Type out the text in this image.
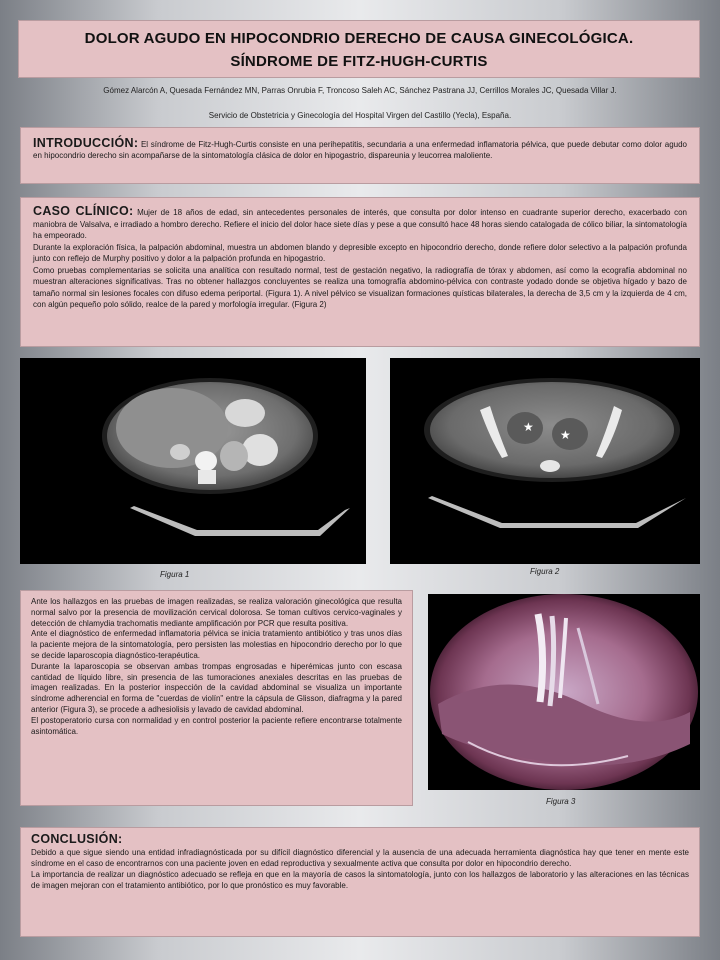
DOLOR AGUDO EN HIPOCONDRIO DERECHO DE CAUSA GINECOLÓGICA.
SÍNDROME DE FITZ-HUGH-CURTIS
Gómez Alarcón A, Quesada Fernández MN, Parras Onrubia F, Troncoso Saleh AC, Sánchez Pastrana JJ, Cerrillos Morales JC, Quesada Villar J.
Servicio de Obstetricia y Ginecología del Hospital Virgen del Castillo (Yecla), España.
INTRODUCCIÓN: El síndrome de Fitz-Hugh-Curtis consiste en una perihepatitis, secundaria a una enfermedad inflamatoria pélvica, que puede debutar como dolor agudo en hipocondrio derecho sin acompañarse de la sintomatología clásica de dolor en hipogastrio, dispareunia y leucorrea maloliente.

CASO CLÍNICO: Mujer de 18 años de edad, sin antecedentes personales de interés, que consulta por dolor intenso en cuadrante superior derecho, exacerbado con maniobra de Valsalva, e irradiado a hombro derecho. Refiere el inicio del dolor hace siete días y pese a que consultó hace 48 horas siendo catalogada de cólico biliar, la sintomatología ha empeorado.

Durante la exploración física, la palpación abdominal, muestra un abdomen blando y depresible excepto en hipocondrio derecho, donde refiere dolor selectivo a la palpación profunda junto con reflejo de Murphy positivo y dolor a la palpación profunda en hipogastrio.

Como pruebas complementarias se solicita una analítica con resultado normal, test de gestación negativo, la radiografía de tórax y abdomen, así como la ecografía abdominal no muestran alteraciones significativas. Tras no obtener hallazgos concluyentes se realiza una tomografía abdomino-pélvica con contraste yodado donde se objetiva hígado y bazo de tamaño normal sin lesiones focales con difuso edema periportal. (Figura 1). A nivel pélvico se visualizan formaciones quísticas bilaterales, la derecha de 3,5 cm y la izquierda de 4 cm, con algún pequeño polo sólido, realce de la pared y morfología irregular. (Figura 2)

★
★
Figura 1	Figura 2

Ante los hallazgos en las pruebas de imagen realizadas, se realiza valoración ginecológica que resulta normal salvo por la presencia de movilización cervical dolorosa. Se toman cultivos cervico-vaginales y detección de chlamydia trachomatis mediante amplificación por PCR que resulta positiva.

Ante el diagnóstico de enfermedad inflamatoria pélvica se inicia tratamiento antibiótico y tras unos días la paciente mejora de la sintomatología, pero persisten las molestias en hipocondrio derecho por lo que se decide laparoscopia diagnóstico-terapéutica.

Durante la laparoscopia se observan ambas trompas engrosadas e hiperémicas junto con escasa cantidad de líquido libre, sin presencia de las tumoraciones anexiales descritas en las pruebas de imagen realizadas. En la posterior inspección de la cavidad abdominal se visualiza un importante síndrome adherencial en forma de "cuerdas de violín" entre la cápsula de Glisson, diafragma y la pared anterior (Figura 3), se procede a adhesiolisis y lavado de cavidad abdominal.

El postoperatorio cursa con normalidad y en control posterior la paciente refiere encontrarse totalmente asintomática.

Figura 3
CONCLUSIÓN:

Debido a que sigue siendo una entidad infradiagnósticada por su difícil diagnóstico diferencial y la ausencia de una adecuada herramienta diagnóstica hay que tener en mente este síndrome en el caso de encontrarnos con una paciente joven en edad reproductiva y sexualmente activa que consulta por dolor en hipocondrio derecho.

La importancia de realizar un diagnóstico adecuado se refleja en que en la mayoría de casos la sintomatología, junto con los hallazgos de laboratorio y las alteraciones en las técnicas de imagen mejoran con el tratamiento antibiótico, por lo que pronóstico es muy favorable.
